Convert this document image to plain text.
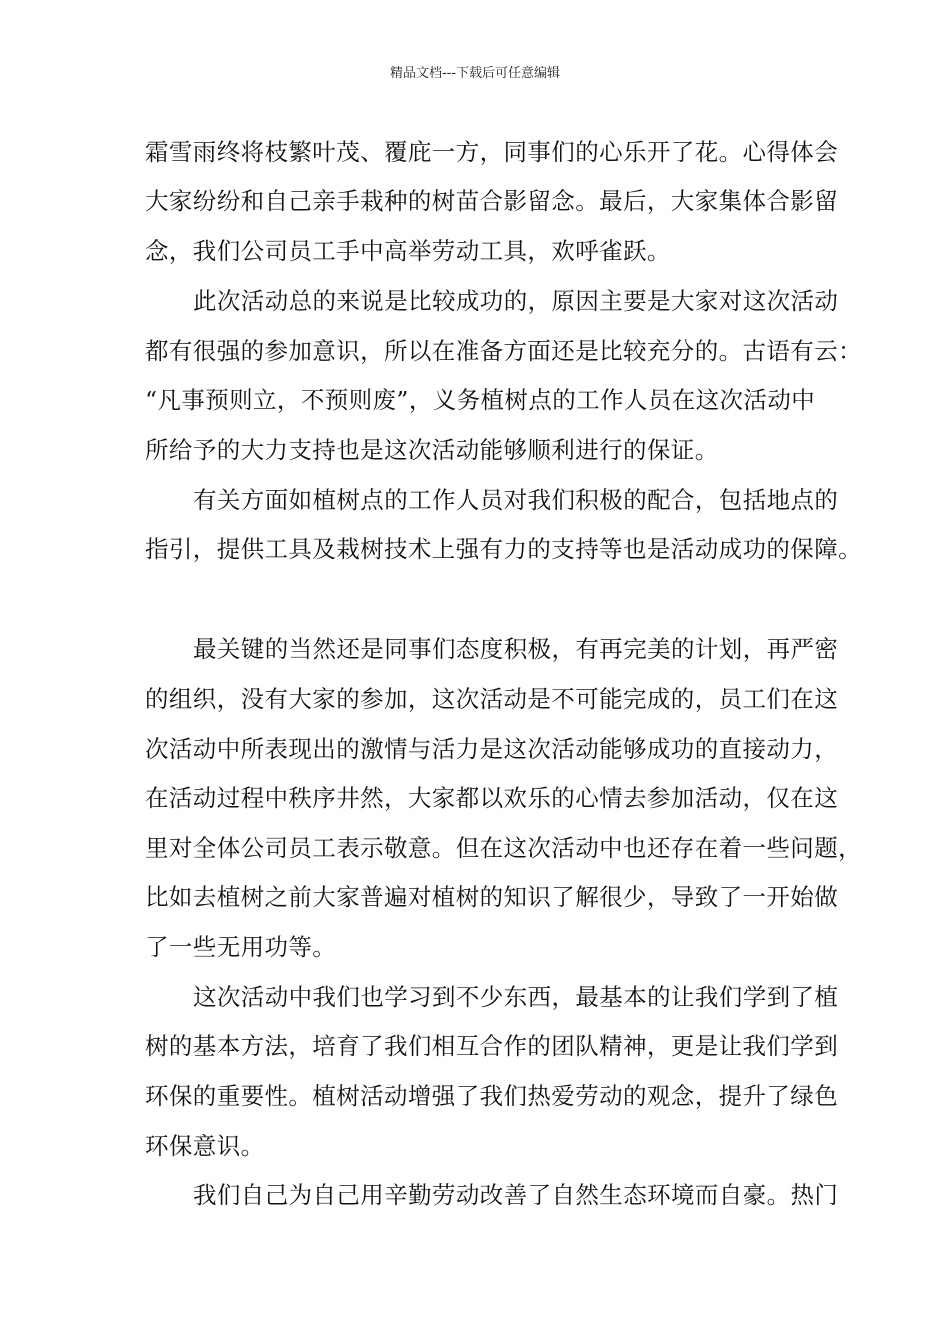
精品文档---下载后可任意编辑
霜雪雨终将枝繁叶茂、覆庇一方，同事们的心乐开了花。心得体会
大家纷纷和自己亲手栽种的树苗合影留念。最后，大家集体合影留
念，我们公司员工手中高举劳动工具，欢呼雀跃。
此次活动总的来说是比较成功的，原因主要是大家对这次活动
都有很强的参加意识，所以在准备方面还是比较充分的。古语有云：
“凡事预则立，不预则废”，义务植树点的工作人员在这次活动中
所给予的大力支持也是这次活动能够顺利进行的保证。
有关方面如植树点的工作人员对我们积极的配合，包括地点的
指引，提供工具及栽树技术上强有力的支持等也是活动成功的保障。
最关键的当然还是同事们态度积极，有再完美的计划，再严密
的组织，没有大家的参加，这次活动是不可能完成的，员工们在这
次活动中所表现出的激情与活力是这次活动能够成功的直接动力，
在活动过程中秩序井然，大家都以欢乐的心情去参加活动，仅在这
里对全体公司员工表示敬意。但在这次活动中也还存在着一些问题，
比如去植树之前大家普遍对植树的知识了解很少，导致了一开始做
了一些无用功等。
这次活动中我们也学习到不少东西，最基本的让我们学到了植
树的基本方法，培育了我们相互合作的团队精神，更是让我们学到
环保的重要性。植树活动增强了我们热爱劳动的观念，提升了绿色
环保意识。
我们自己为自己用辛勤劳动改善了自然生态环境而自豪。热门
